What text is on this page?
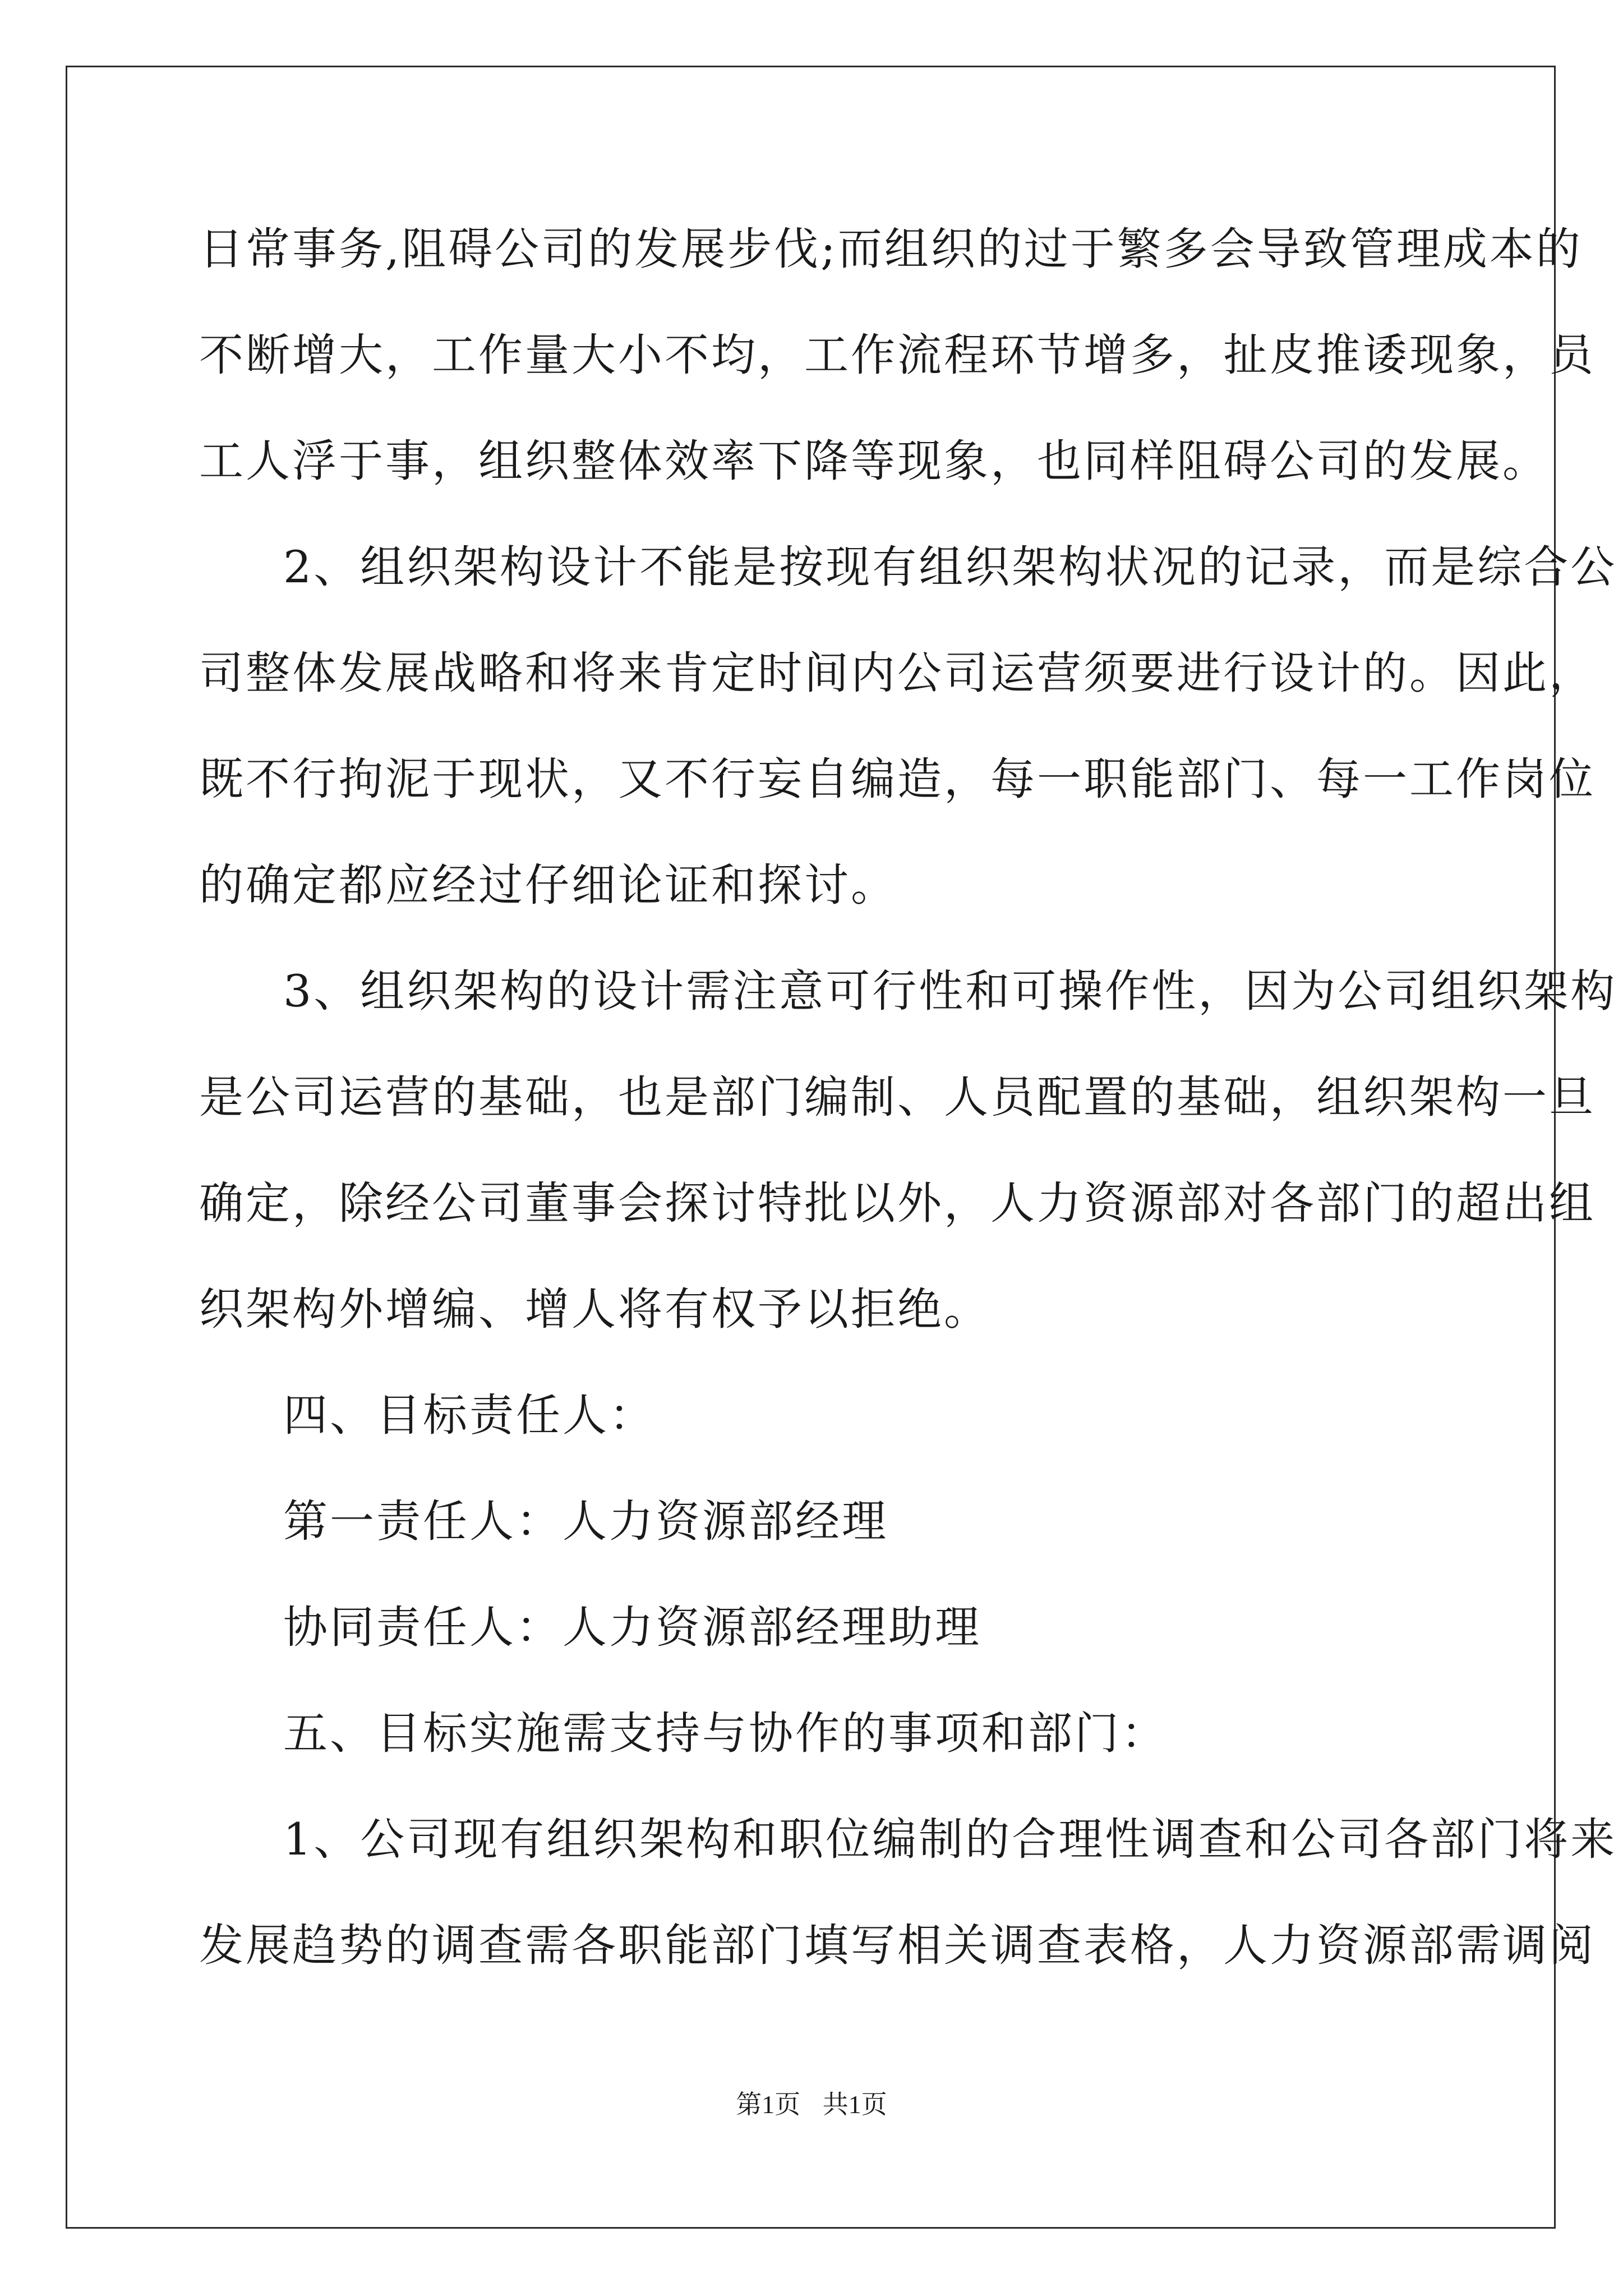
日常事务,阻碍公司的发展步伐;而组织的过于繁多会导致管理成本的
不断增大，工作量大小不均，工作流程环节增多，扯皮推诿现象，员
工人浮于事，组织整体效率下降等现象，也同样阻碍公司的发展。
2、组织架构设计不能是按现有组织架构状况的记录，而是综合公
司整体发展战略和将来肯定时间内公司运营须要进行设计的。因此，
既不行拘泥于现状，又不行妄自编造，每一职能部门、每一工作岗位
的确定都应经过仔细论证和探讨。
3、组织架构的设计需注意可行性和可操作性，因为公司组织架构
是公司运营的基础，也是部门编制、人员配置的基础，组织架构一旦
确定，除经公司董事会探讨特批以外，人力资源部对各部门的超出组
织架构外增编、增人将有权予以拒绝。
四、目标责任人：
第一责任人：人力资源部经理
协同责任人：人力资源部经理助理
五、目标实施需支持与协作的事项和部门：
1、公司现有组织架构和职位编制的合理性调查和公司各部门将来
发展趋势的调查需各职能部门填写相关调查表格，人力资源部需调阅
第1页 共1页
